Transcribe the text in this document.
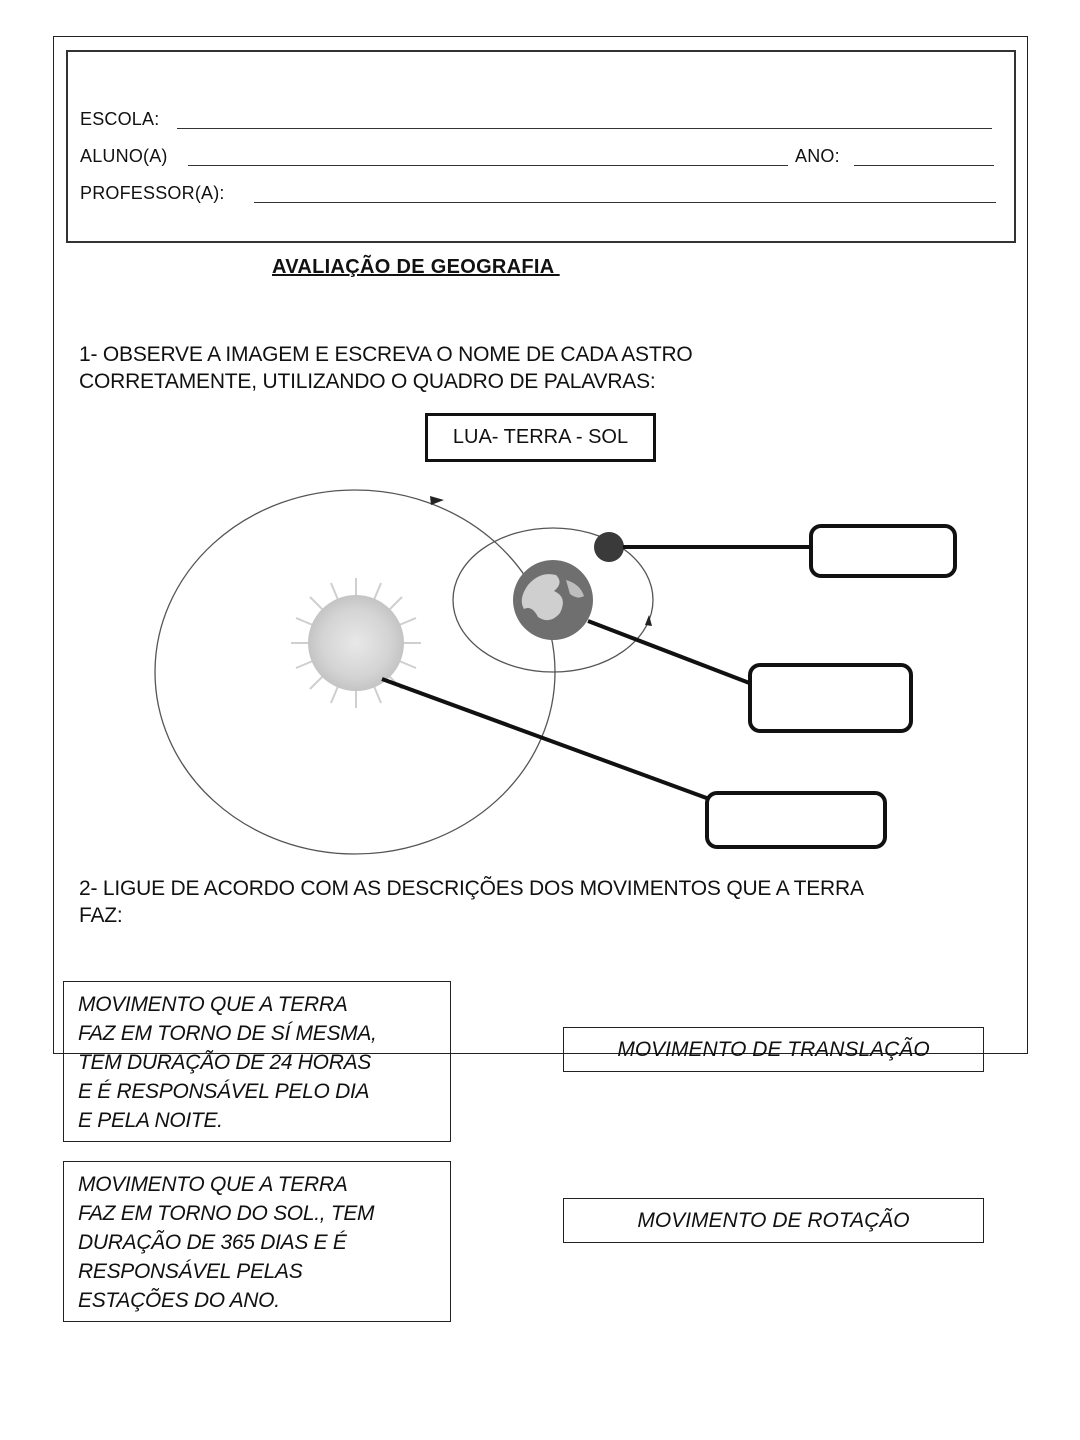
ESCOLA:
ALUNO(A)	ANO:
PROFESSOR(A):
AVALIAÇÃO DE GEOGRAFIA
1- OBSERVE A IMAGEM E ESCREVA O NOME DE CADA ASTRO
CORRETAMENTE, UTILIZANDO O QUADRO DE PALAVRAS:
LUA- TERRA - SOL
2- LIGUE DE ACORDO COM AS DESCRIÇÕES DOS MOVIMENTOS QUE A TERRA
FAZ:
MOVIMENTO QUE A TERRA
FAZ EM TORNO DE SÍ MESMA,
TEM DURAÇÃO DE 24 HORAS
E É RESPONSÁVEL PELO DIA
E PELA NOITE.
MOVIMENTO QUE A TERRA
FAZ EM TORNO DO SOL., TEM
DURAÇÃO DE 365 DIAS E É
RESPONSÁVEL PELAS
ESTAÇÕES DO ANO.
MOVIMENTO DE TRANSLAÇÃO
MOVIMENTO DE ROTAÇÃO
